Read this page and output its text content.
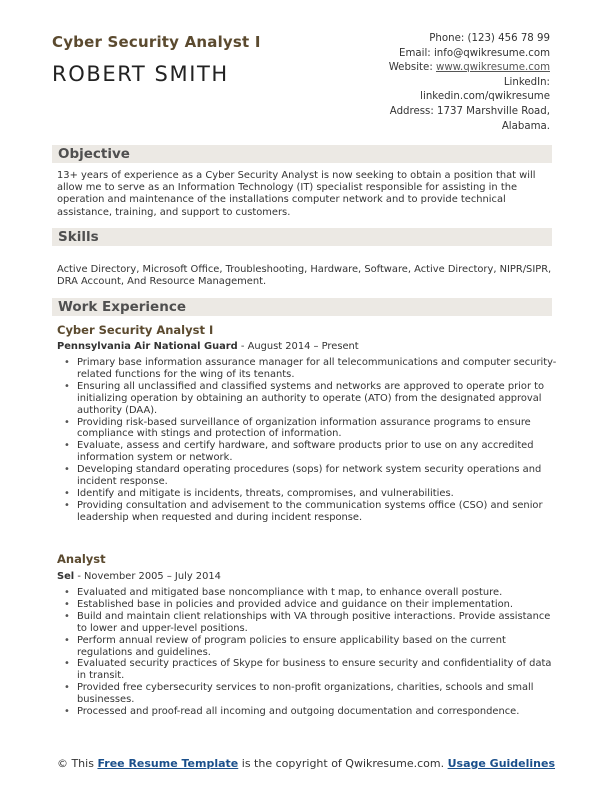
Cyber Security Analyst I
ROBERT SMITH
Phone: (123) 456 78 99
Email: info@qwikresume.com
Website: www.qwikresume.com
LinkedIn:
linkedin.com/qwikresume
Address: 1737 Marshville Road,
Alabama.
Objective
13+ years of experience as a Cyber Security Analyst is now seeking to obtain a position that will allow me to serve as an Information Technology (IT) specialist responsible for assisting in the operation and maintenance of the installations computer network and to provide technical assistance, training, and support to customers.
Skills
Active Directory, Microsoft Office, Troubleshooting, Hardware, Software, Active Directory, NIPR/SIPR, DRA Account, And Resource Management.
Work Experience
Cyber Security Analyst I
Pennsylvania Air National Guard - August 2014 – Present
• Primary base information assurance manager for all telecommunications and computer security-related functions for the wing of its tenants.
• Ensuring all unclassified and classified systems and networks are approved to operate prior to initializing operation by obtaining an authority to operate (ATO) from the designated approval authority (DAA).
• Providing risk-based surveillance of organization information assurance programs to ensure compliance with stings and protection of information.
• Evaluate, assess and certify hardware, and software products prior to use on any accredited information system or network.
• Developing standard operating procedures (sops) for network system security operations and incident response.
• Identify and mitigate is incidents, threats, compromises, and vulnerabilities.
• Providing consultation and advisement to the communication systems office (CSO) and senior leadership when requested and during incident response.
Analyst
Sel - November 2005 – July 2014
• Evaluated and mitigated base noncompliance with t map, to enhance overall posture.
• Established base in policies and provided advice and guidance on their implementation.
• Build and maintain client relationships with VA through positive interactions. Provide assistance to lower and upper-level positions.
• Perform annual review of program policies to ensure applicability based on the current regulations and guidelines.
• Evaluated security practices of Skype for business to ensure security and confidentiality of data in transit.
• Provided free cybersecurity services to non-profit organizations, charities, schools and small businesses.
• Processed and proof-read all incoming and outgoing documentation and correspondence.
© This Free Resume Template is the copyright of Qwikresume.com. Usage Guidelines
